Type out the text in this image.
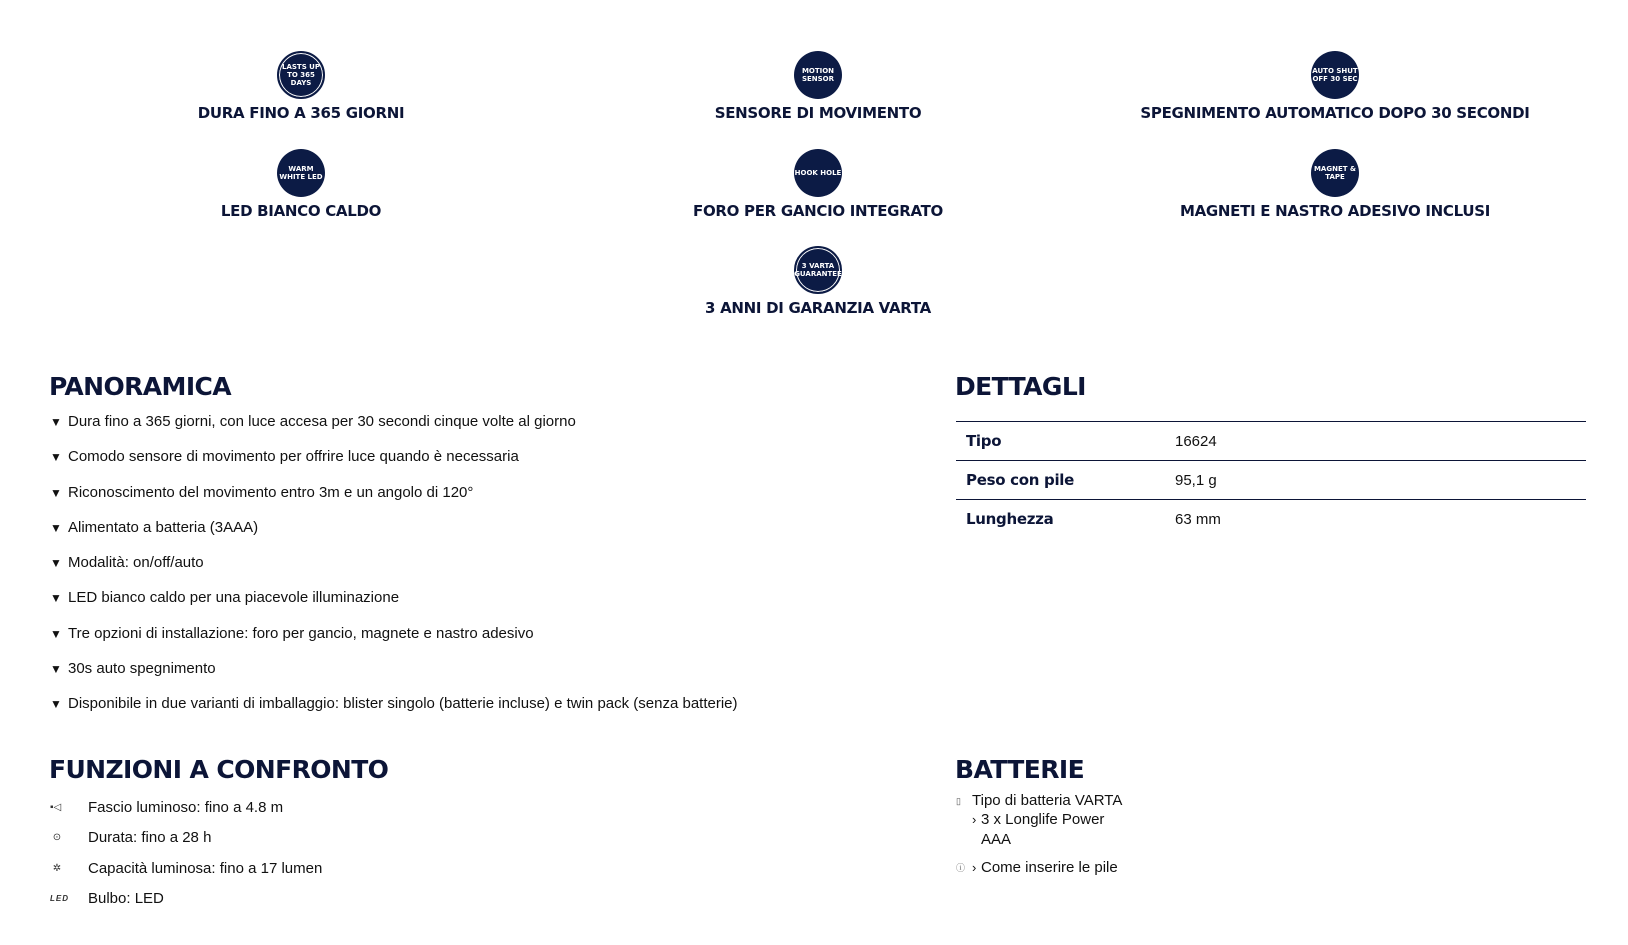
LASTS UP TO 365 DAYS
DURA FINO A 365 GIORNI
MOTION SENSOR
SENSORE DI MOVIMENTO
AUTO SHUT OFF 30 SEC
SPEGNIMENTO AUTOMATICO DOPO 30 SECONDI
WARM WHITE LED
LED BIANCO CALDO
HOOK HOLE
FORO PER GANCIO INTEGRATO
MAGNET & TAPE
MAGNETI E NASTRO ADESIVO INCLUSI
3 VARTA GUARANTEE
3 ANNI DI GARANZIA VARTA
PANORAMICA
▼ Dura fino a 365 giorni, con luce accesa per 30 secondi cinque volte al giorno
▼ Comodo sensore di movimento per offrire luce quando è necessaria
▼ Riconoscimento del movimento entro 3m e un angolo di 120°
▼ Alimentato a batteria (3AAA)
▼ Modalità: on/off/auto
▼ LED bianco caldo per una piacevole illuminazione
▼ Tre opzioni di installazione: foro per gancio, magnete e nastro adesivo
▼ 30s auto spegnimento
▼ Disponibile in due varianti di imballaggio: blister singolo (batterie incluse) e twin pack (senza batterie)
DETTAGLI
Tipo	16624
Peso con pile	95,1 g
Lunghezza	63 mm
FUNZIONI A CONFRONTO
▪◁	Fascio luminoso: fino a 4.8 m
⊙	Durata: fino a 28 h
✲	Capacità luminosa: fino a 17 lumen
LED	Bulbo: LED
BATTERIE
▯ Tipo di batteria VARTA
› 3 x Longlife Power AAA
ⓘ › Come inserire le pile
